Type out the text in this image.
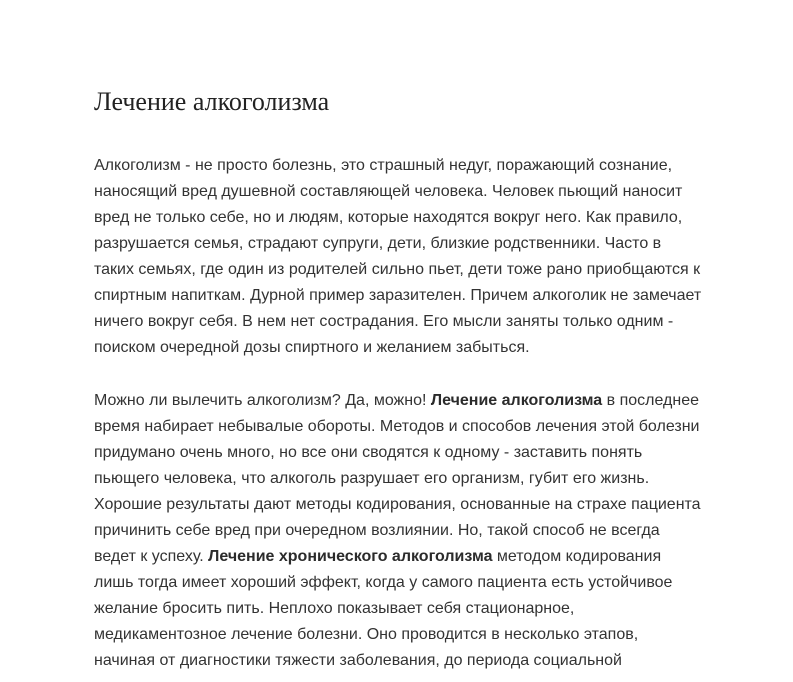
Лечение алкоголизма

Алкоголизм - не просто болезнь, это страшный недуг, поражающий сознание, наносящий вред душевной составляющей человека. Человек пьющий наносит вред не только себе, но и людям, которые находятся вокруг него. Как правило, разрушается семья, страдают супруги, дети, близкие родственники. Часто в таких семьях, где один из родителей сильно пьет, дети тоже рано приобщаются к спиртным напиткам. Дурной пример заразителен. Причем алкоголик не замечает ничего вокруг себя. В нем нет сострадания. Его мысли заняты только одним - поиском очередной дозы спиртного и желанием забыться.

Можно ли вылечить алкоголизм? Да, можно! Лечение алкоголизма в последнее время набирает небывалые обороты. Методов и способов лечения этой болезни придумано очень много, но все они сводятся к одному - заставить понять пьющего человека, что алкоголь разрушает его организм, губит его жизнь. Хорошие результаты дают методы кодирования, основанные на страхе пациента причинить себе вред при очередном возлиянии. Но, такой способ не всегда ведет к успеху. Лечение хронического алкоголизма методом кодирования лишь тогда имеет хороший эффект, когда у самого пациента есть устойчивое желание бросить пить. Неплохо показывает себя стационарное, медикаментозное лечение болезни. Оно проводится в несколько этапов, начиная от диагностики тяжести заболевания, до периода социальной
